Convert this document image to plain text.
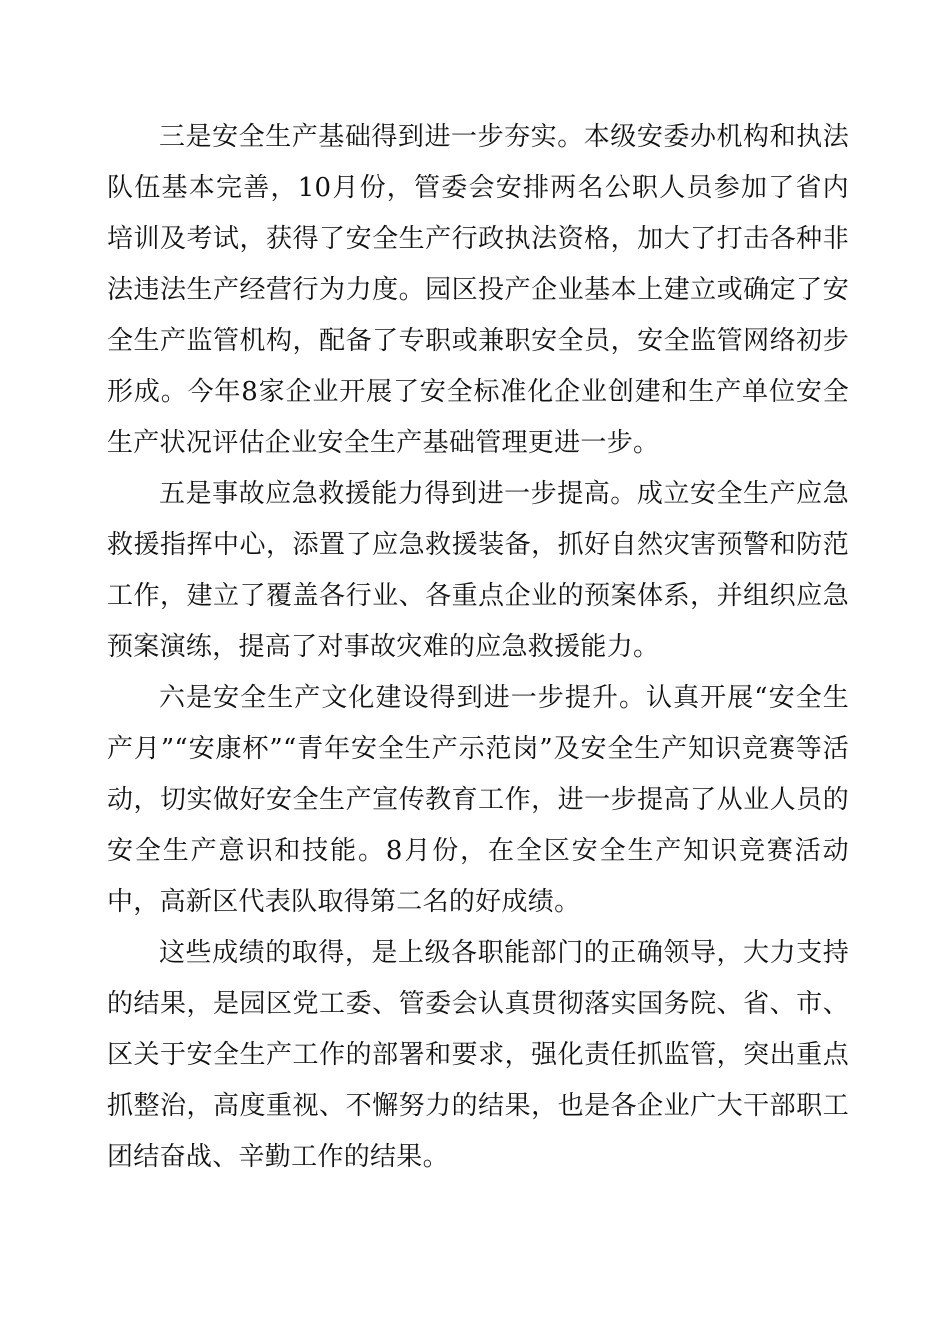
三是安全生产基础得到进一步夯实。本级安委办机构和执法队伍基本完善，10月份，管委会安排两名公职人员参加了省内培训及考试，获得了安全生产行政执法资格，加大了打击各种非法违法生产经营行为力度。园区投产企业基本上建立或确定了安全生产监管机构，配备了专职或兼职安全员，安全监管网络初步形成。今年8家企业开展了安全标准化企业创建和生产单位安全生产状况评估企业安全生产基础管理更进一步。

五是事故应急救援能力得到进一步提高。成立安全生产应急救援指挥中心，添置了应急救援装备，抓好自然灾害预警和防范工作，建立了覆盖各行业、各重点企业的预案体系，并组织应急预案演练，提高了对事故灾难的应急救援能力。

六是安全生产文化建设得到进一步提升。认真开展“安全生产月”“安康杯”“青年安全生产示范岗”及安全生产知识竞赛等活动，切实做好安全生产宣传教育工作，进一步提高了从业人员的安全生产意识和技能。8月份，在全区安全生产知识竞赛活动中，高新区代表队取得第二名的好成绩。

这些成绩的取得，是上级各职能部门的正确领导，大力支持的结果，是园区党工委、管委会认真贯彻落实国务院、省、市、区关于安全生产工作的部署和要求，强化责任抓监管，突出重点抓整治，高度重视、不懈努力的结果，也是各企业广大干部职工团结奋战、辛勤工作的结果。
